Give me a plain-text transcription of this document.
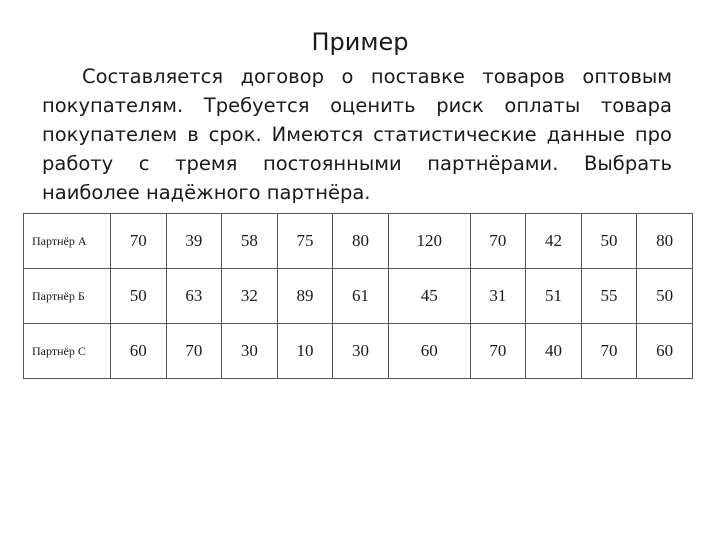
Пример
Составляется договор о поставке товаров оптовым покупателям. Требуется оценить риск оплаты товара покупателем в срок. Имеются статистические данные про работу с тремя постоянными партнёрами. Выбрать наиболее надёжного партнёра.
Партнёр А	70	39	58	75	80	120	70	42	50	80
Партнёр Б	50	63	32	89	61	45	31	51	55	50
Партнёр С	60	70	30	10	30	60	70	40	70	60
